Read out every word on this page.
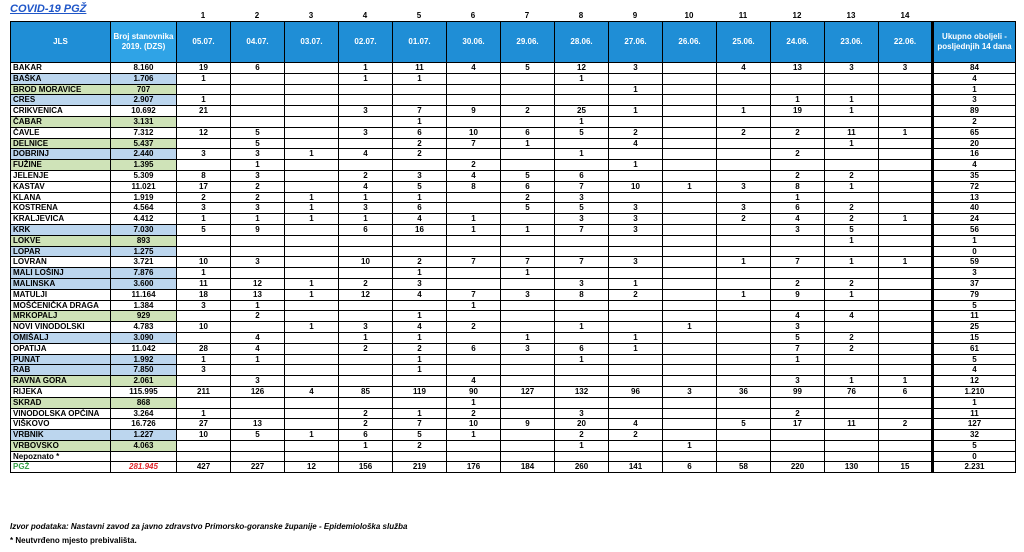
COVID-19 PGŽ
1	2	3	4	5	6	7	8	9	10	11	12	13	14
JLS	Broj stanovnika 2019. (DZS)	05.07.	04.07.	03.07.	02.07.	01.07.	30.06.	29.06.	28.06.	27.06.	26.06.	25.06.	24.06.	23.06.	22.06.	Ukupno oboljeli - posljednjih 14 dana
BAKAR	8.160	19	6		1	11	4	5	12	3		4	13	3	3	84
BAŠKA	1.706	1			1	1			1							4
BROD MORAVICE	707									1						1
CRES	2.907	1											1	1		3
CRIKVENICA	10.692	21			3	7	9	2	25	1		1	19	1		89
ČABAR	3.131					1			1							2
ČAVLE	7.312	12	5		3	6	10	6	5	2		2	2	11	1	65
DELNICE	5.437		5			2	7	1		4				1		20
DOBRINJ	2.440	3	3	1	4	2			1				2			16
FUŽINE	1.395		1				2			1						4
JELENJE	5.309	8	3		2	3	4	5	6				2	2		35
KASTAV	11.021	17	2		4	5	8	6	7	10	1	3	8	1		72
KLANA	1.919	2	2	1	1	1		2	3				1			13
KOSTRENA	4.564	3	3	1	3	6		5	5	3		3	6	2		40
KRALJEVICA	4.412	1	1	1	1	4	1		3	3		2	4	2	1	24
KRK	7.030	5	9		6	16	1	1	7	3			3	5		56
LOKVE	893													1		1
LOPAR	1.275															0
LOVRAN	3.721	10	3		10	2	7	7	7	3		1	7	1	1	59
MALI LOŠINJ	7.876	1				1		1								3
MALINSKA	3.600	11	12	1	2	3			3	1			2	2		37
MATULJI	11.164	18	13	1	12	4	7	3	8	2		1	9	1		79
MOŠĆENIČKA DRAGA	1.384	3	1				1									5
MRKOPALJ	929		2			1							4	4		11
NOVI VINODOLSKI	4.783	10		1	3	4	2		1		1		3			25
OMIŠALJ	3.090		4		1	1		1		1			5	2		15
OPATIJA	11.042	28	4		2	2	6	3	6	1			7	2		61
PUNAT	1.992	1	1			1			1				1			5
RAB	7.850	3				1										4
RAVNA GORA	2.061		3				4						3	1	1	12
RIJEKA	115.995	211	126	4	85	119	90	127	132	96	3	36	99	76	6	1.210
SKRAD	868						1									1
VINODOLSKA OPĆINA	3.264	1			2	1	2		3				2			11
VIŠKOVO	16.726	27	13		2	7	10	9	20	4		5	17	11	2	127
VRBNIK	1.227	10	5	1	6	5	1		2	2						32
VRBOVSKO	4.063				1	2			1		1					5
Nepoznato *																0
PGŽ	281.945	427	227	12	156	219	176	184	260	141	6	58	220	130	15	2.231
Izvor podataka: Nastavni zavod za javno zdravstvo Primorsko-goranske županije - Epidemiološka služba
* Neutvrđeno mjesto prebivališta.
